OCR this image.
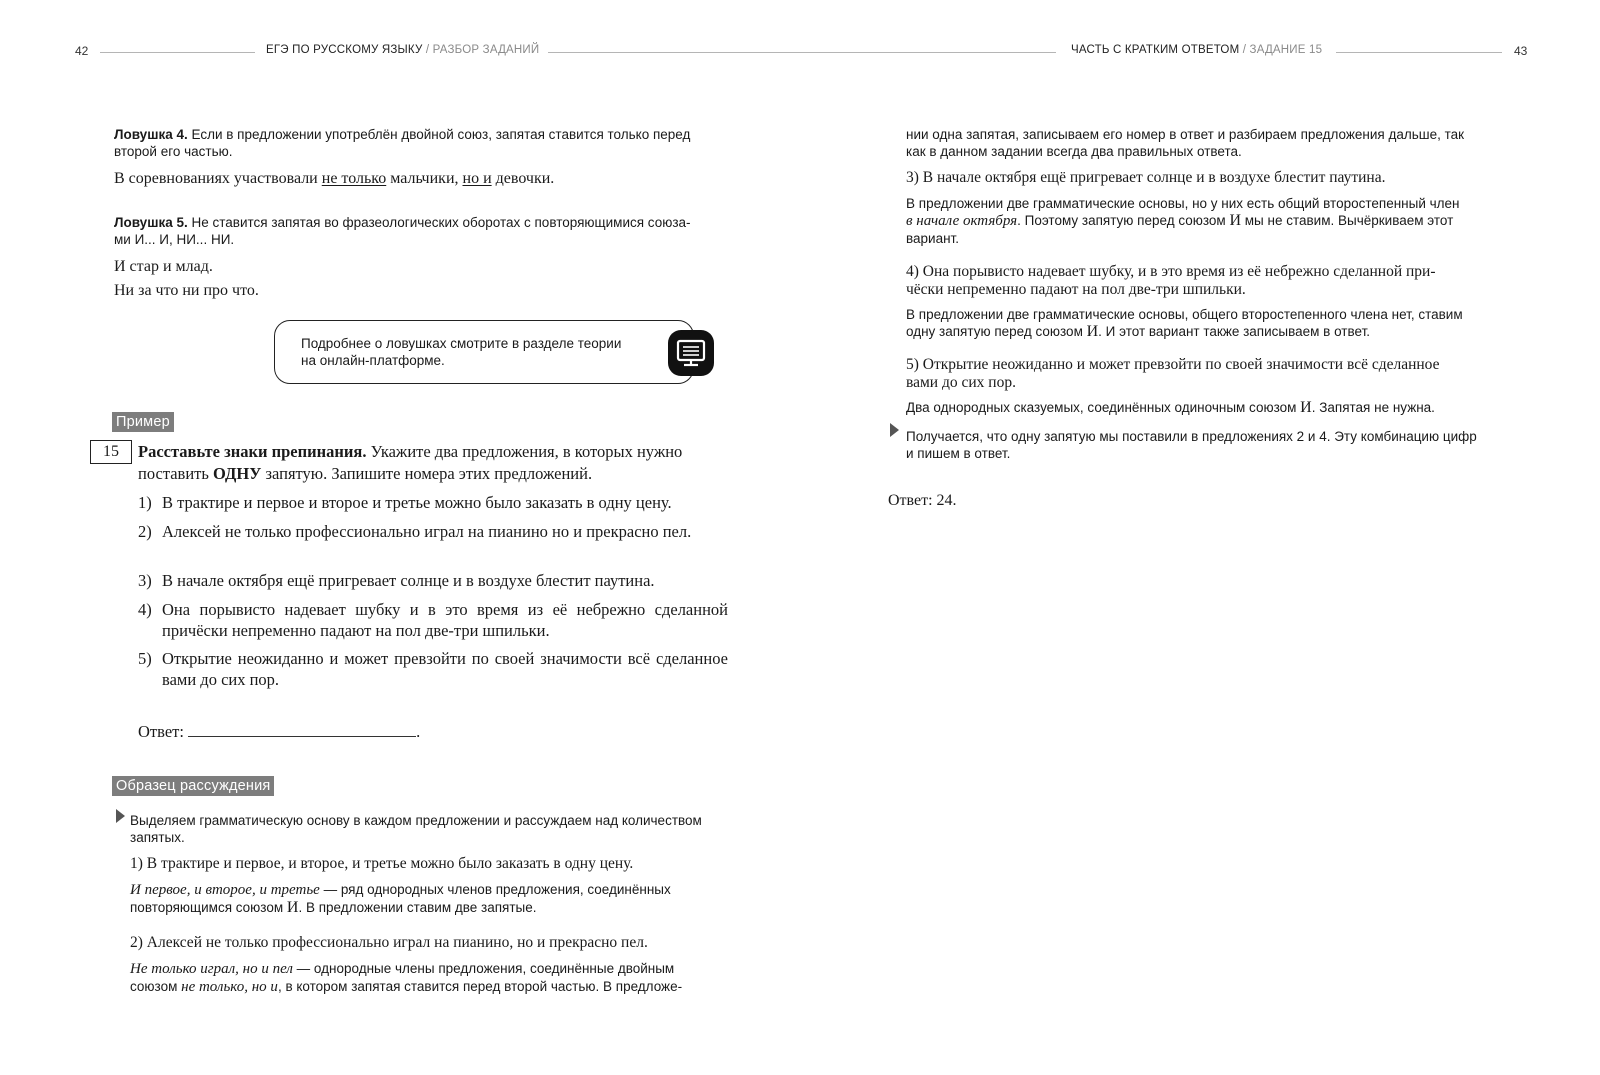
42	ЕГЭ ПО РУССКОМУ ЯЗЫКУ / РАЗБОР ЗАДАНИЙ	ЧАСТЬ С КРАТКИМ ОТВЕТОМ / ЗАДАНИЕ 15	43

Ловушка 4. Если в предложении употреблён двойной союз, запятая ставится только перед
второй его частью.

В соревнованиях участвовали не только мальчики, но и девочки.

Ловушка 5. Не ставится запятая во фразеологических оборотах с повторяющимися союза-
ми И... И, НИ... НИ.

И стар и млад.

Ни за что ни про что.

Подробнее о ловушках смотрите в разделе теории
на онлайн-платформе.
Пример
15	Расставьте знаки препинания. Укажите два предложения, в которых нужно
поставить ОДНУ запятую. Запишите номера этих предложений.
1) В трактире и первое и второе и третье можно было заказать в одну цену.
2) Алексей не только профессионально играл на пианино но и прекрасно пел.
3) В начале октября ещё пригревает солнце и в воздухе блестит паутина.
4) Она порывисто надевает шубку и в это время из её небрежно сделанной причёски непременно падают на пол две-три шпильки.
5) Открытие неожиданно и может превзойти по своей значимости всё сделанное вами до сих пор.
Ответ:	.
Образец рассуждения

Выделяем грамматическую основу в каждом предложении и рассуждаем над количеством
запятых.

1) В трактире и первое, и второе, и третье можно было заказать в одну цену.

И первое, и второе, и третье — ряд однородных членов предложения, соединённых
повторяющимся союзом И. В предложении ставим две запятые.

2) Алексей не только профессионально играл на пианино, но и прекрасно пел.

Не только играл, но и пел — однородные члены предложения, соединённые двойным
союзом не только, но и, в котором запятая ставится перед второй частью. В предложе-

нии одна запятая, записываем его номер в ответ и разбираем предложения дальше, так
как в данном задании всегда два правильных ответа.

3) В начале октября ещё пригревает солнце и в воздухе блестит паутина.

В предложении две грамматические основы, но у них есть общий второстепенный член
в начале октября. Поэтому запятую перед союзом И мы не ставим. Вычёркиваем этот
вариант.

4) Она порывисто надевает шубку, и в это время из её небрежно сделанной при-
чёски непременно падают на пол две-три шпильки.

В предложении две грамматические основы, общего второстепенного члена нет, ставим
одну запятую перед союзом И. И этот вариант также записываем в ответ.

5) Открытие неожиданно и может превзойти по своей значимости всё сделанное
вами до сих пор.

Два однородных сказуемых, соединённых одиночным союзом И. Запятая не нужна.

Получается, что одну запятую мы поставили в предложениях 2 и 4. Эту комбинацию цифр
и пишем в ответ.

Ответ: 24.
